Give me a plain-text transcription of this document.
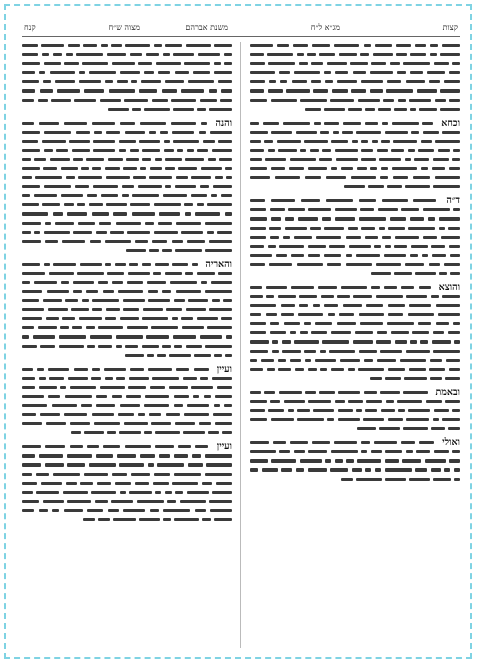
קצות
מג״א ל״ח
משנת אברהם
מצוה ש״ח
קנח
וכחא
ד״ה
והוצא
ובאמת
ואולי
והנה
והאריה
ועיין
ועיין
